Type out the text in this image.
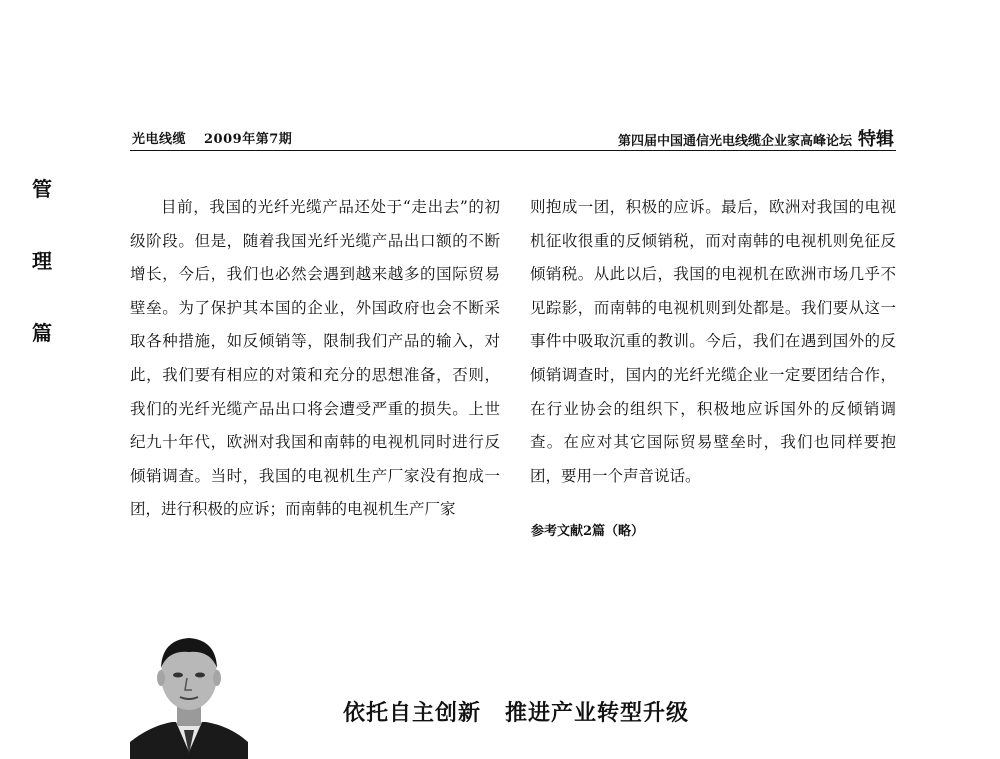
光电线缆 2009年第7期	第四届中国通信光电线缆企业家高峰论坛 特辑
管
理
篇

目前，我国的光纤光缆产品还处于“走出去”的初级阶段。但是，随着我国光纤光缆产品出口额的不断增长，今后，我们也必然会遇到越来越多的国际贸易壁垒。为了保护其本国的企业，外国政府也会不断采取各种措施，如反倾销等，限制我们产品的输入，对此，我们要有相应的对策和充分的思想准备，否则，我们的光纤光缆产品出口将会遭受严重的损失。上世纪九十年代，欧洲对我国和南韩的电视机同时进行反倾销调查。当时，我国的电视机生产厂家没有抱成一团，进行积极的应诉；而南韩的电视机生产厂家

则抱成一团，积极的应诉。最后，欧洲对我国的电视机征收很重的反倾销税，而对南韩的电视机则免征反倾销税。从此以后，我国的电视机在欧洲市场几乎不见踪影，而南韩的电视机则到处都是。我们要从这一事件中吸取沉重的教训。今后，我们在遇到国外的反倾销调查时，国内的光纤光缆企业一定要团结合作，在行业协会的组织下，积极地应诉国外的反倾销调查。在应对其它国际贸易壁垒时，我们也同样要抱团，要用一个声音说话。

参考文献2篇（略）
依托自主创新 推进产业转型升级
